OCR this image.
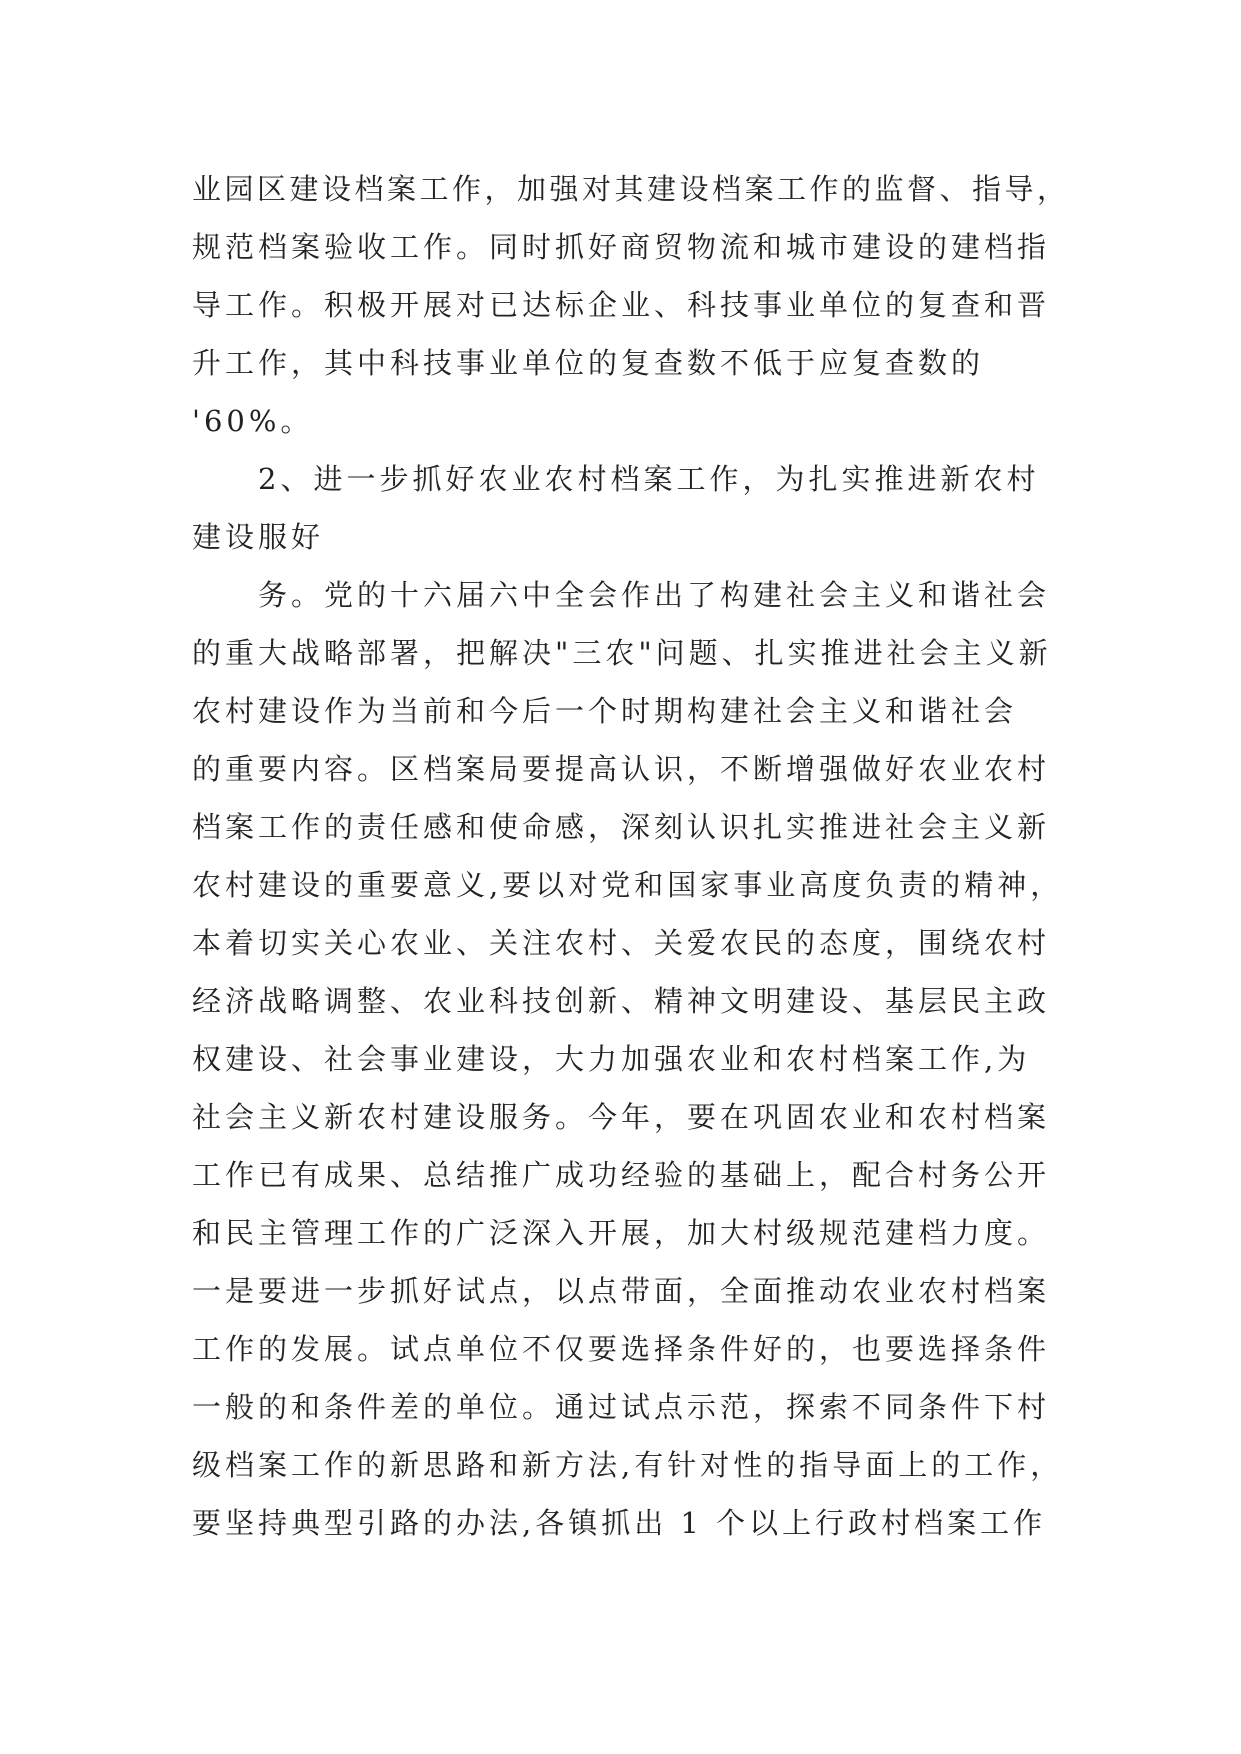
业园区建设档案工作，加强对其建设档案工作的监督、指导，
规范档案验收工作。同时抓好商贸物流和城市建设的建档指
导工作。积极开展对已达标企业、科技事业单位的复查和晋
升工作，其中科技事业单位的复查数不低于应复查数的
'60%。
2、进一步抓好农业农村档案工作，为扎实推进新农村
建设服好
务。党的十六届六中全会作出了构建社会主义和谐社会
的重大战略部署，把解决"三农"问题、扎实推进社会主义新
农村建设作为当前和今后一个时期构建社会主义和谐社会
的重要内容。区档案局要提高认识，不断增强做好农业农村
档案工作的责任感和使命感，深刻认识扎实推进社会主义新
农村建设的重要意义,要以对党和国家事业高度负责的精神，
本着切实关心农业、关注农村、关爱农民的态度，围绕农村
经济战略调整、农业科技创新、精神文明建设、基层民主政
权建设、社会事业建设，大力加强农业和农村档案工作,为
社会主义新农村建设服务。今年，要在巩固农业和农村档案
工作已有成果、总结推广成功经验的基础上，配合村务公开
和民主管理工作的广泛深入开展，加大村级规范建档力度。
一是要进一步抓好试点，以点带面，全面推动农业农村档案
工作的发展。试点单位不仅要选择条件好的，也要选择条件
一般的和条件差的单位。通过试点示范，探索不同条件下村
级档案工作的新思路和新方法,有针对性的指导面上的工作，
要坚持典型引路的办法,各镇抓出 1 个以上行政村档案工作
